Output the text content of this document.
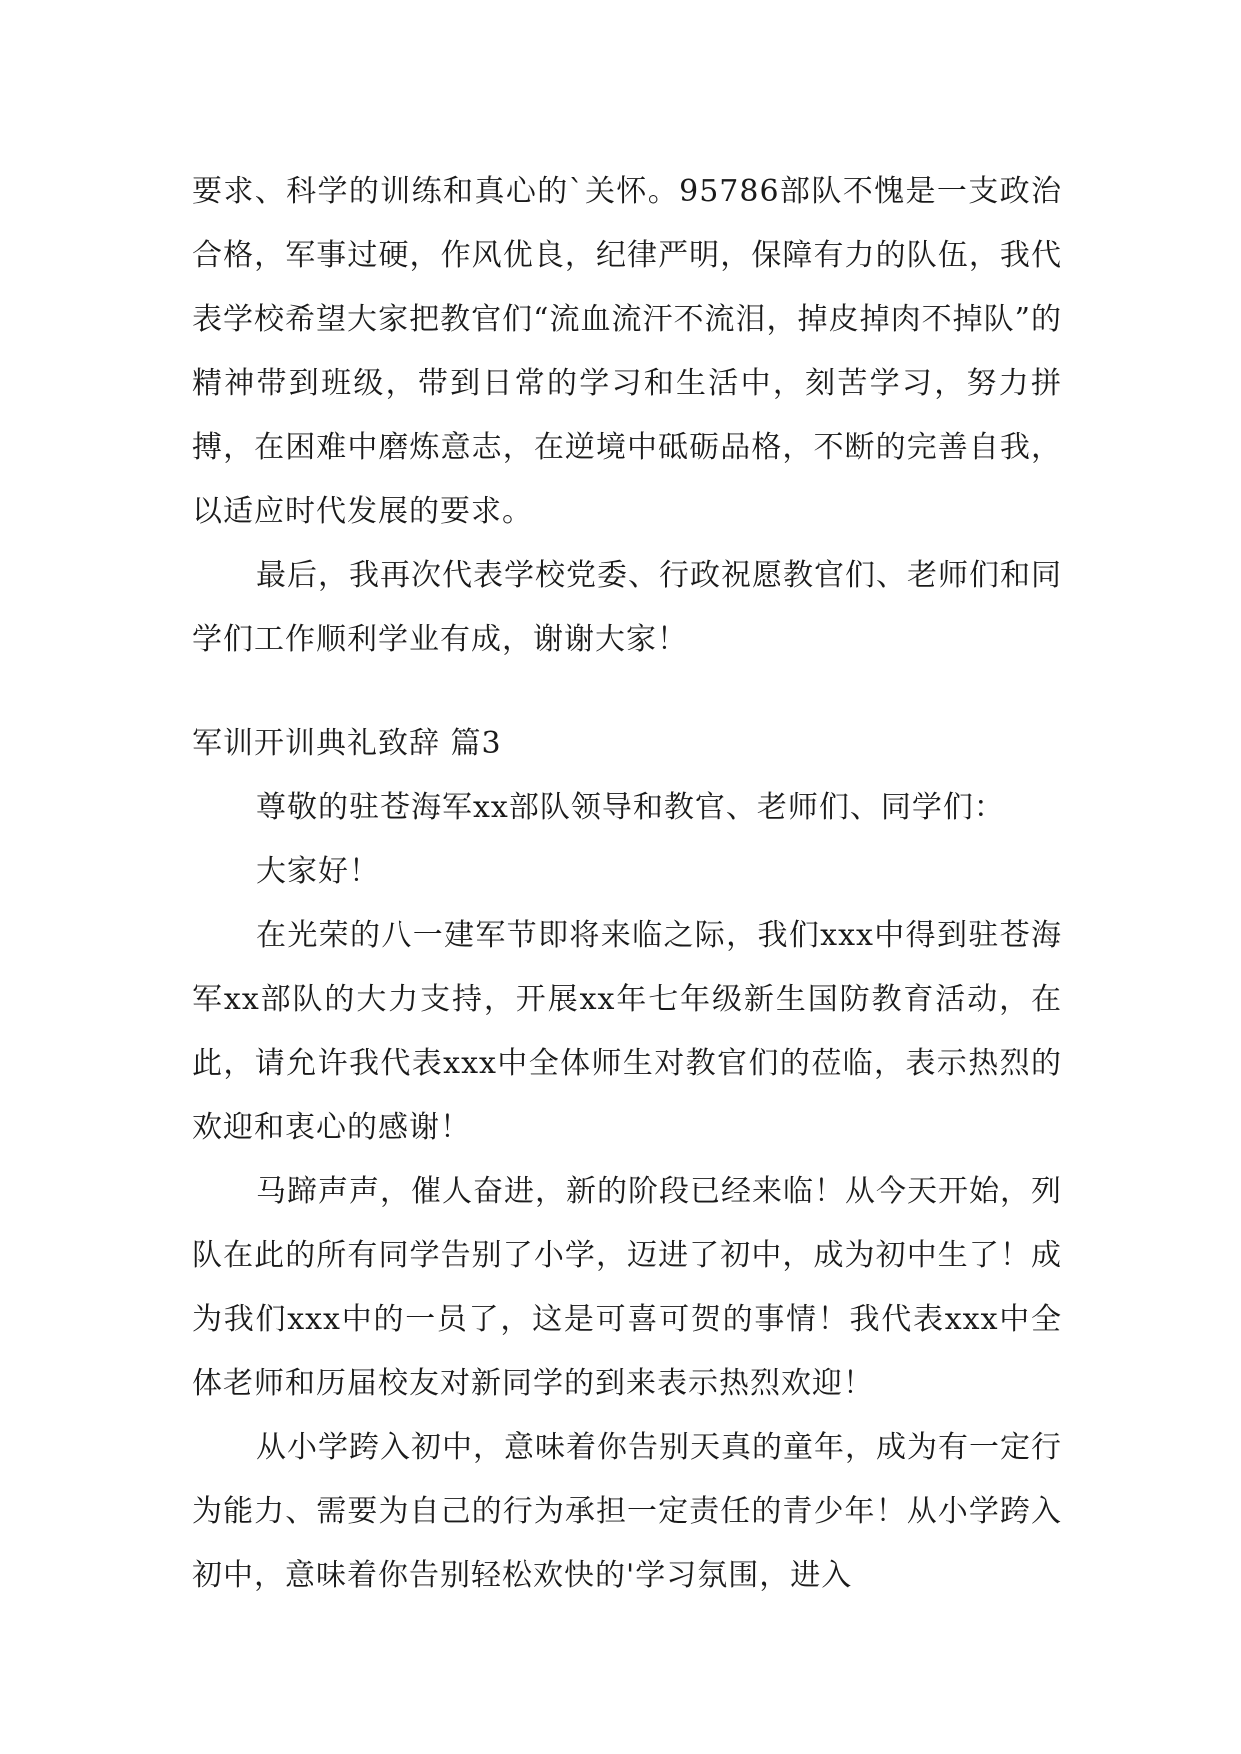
要求、科学的训练和真心的`关怀。95786部队不愧是一支政治合格，军事过硬，作风优良，纪律严明，保障有力的队伍，我代表学校希望大家把教官们“流血流汗不流泪，掉皮掉肉不掉队”的精神带到班级，带到日常的学习和生活中，刻苦学习，努力拼搏，在困难中磨炼意志，在逆境中砥砺品格，不断的完善自我，以适应时代发展的要求。

最后，我再次代表学校党委、行政祝愿教官们、老师们和同学们工作顺利学业有成，谢谢大家！

军训开训典礼致辞 篇3

尊敬的驻苍海军xx部队领导和教官、老师们、同学们：

大家好！

在光荣的八一建军节即将来临之际，我们xxx中得到驻苍海军xx部队的大力支持，开展xx年七年级新生国防教育活动，在此，请允许我代表xxx中全体师生对教官们的莅临，表示热烈的欢迎和衷心的感谢！

马蹄声声，催人奋进，新的阶段已经来临！从今天开始，列队在此的所有同学告别了小学，迈进了初中，成为初中生了！成为我们xxx中的一员了，这是可喜可贺的事情！我代表xxx中全体老师和历届校友对新同学的到来表示热烈欢迎！

从小学跨入初中，意味着你告别天真的童年，成为有一定行为能力、需要为自己的行为承担一定责任的青少年！从小学跨入初中，意味着你告别轻松欢快的'学习氛围，进入
